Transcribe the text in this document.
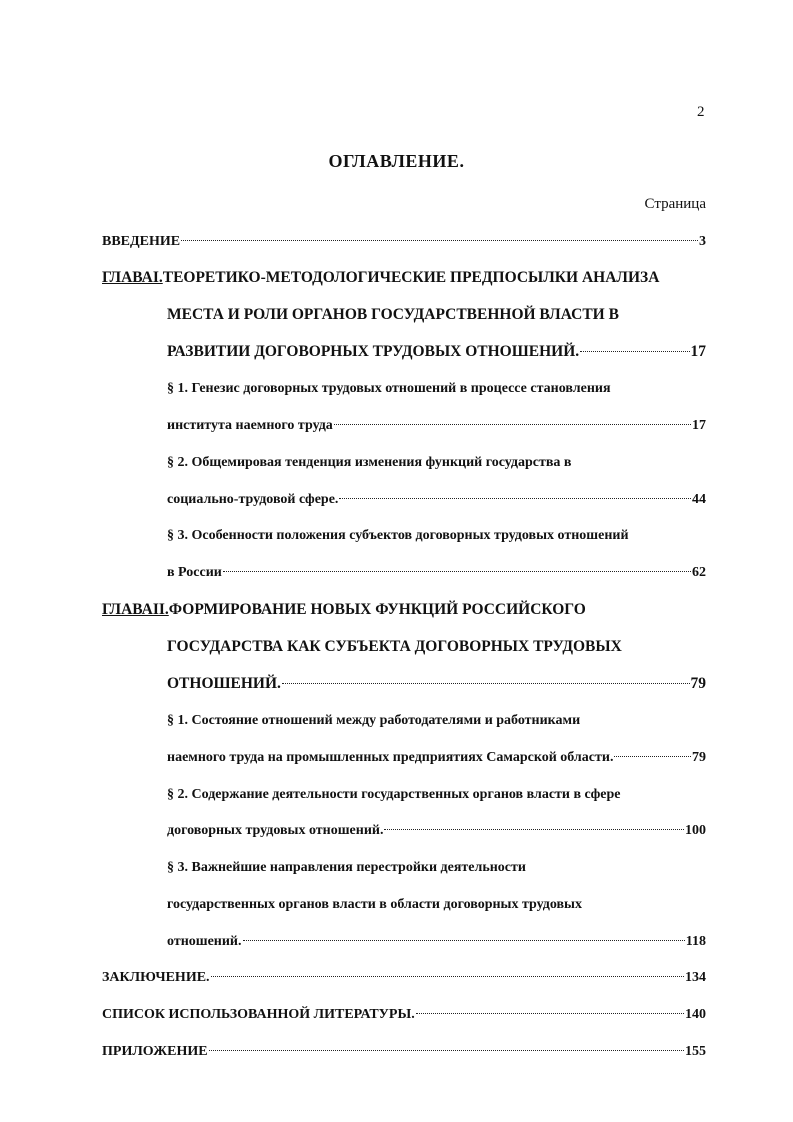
2
ОГЛАВЛЕНИЕ.
Страница
ВВЕДЕНИЕ	3
ГЛАВАI. ТЕОРЕТИКО-МЕТОДОЛОГИЧЕСКИЕ ПРЕДПОСЫЛКИ АНАЛИЗА
МЕСТА И РОЛИ ОРГАНОВ ГОСУДАРСТВЕННОЙ ВЛАСТИ В
РАЗВИТИИ ДОГОВОРНЫХ ТРУДОВЫХ ОТНОШЕНИЙ.	17
§ 1. Генезис договорных трудовых отношений в процессе становления
института наемного труда	17
§ 2. Общемировая тенденция изменения функций государства в
социально-трудовой сфере.	44
§ 3. Особенности положения субъектов договорных трудовых отношений
в России	62
ГЛАВАII. ФОРМИРОВАНИЕ НОВЫХ ФУНКЦИЙ РОССИЙСКОГО
ГОСУДАРСТВА КАК СУБЪЕКТА ДОГОВОРНЫХ ТРУДОВЫХ
ОТНОШЕНИЙ.	79
§ 1. Состояние отношений между работодателями и работниками
наемного труда на промышленных предприятиях Самарской области.	79
§ 2. Содержание деятельности государственных органов власти в сфере
договорных трудовых отношений.	100
§ 3. Важнейшие направления перестройки деятельности
государственных органов власти в области договорных трудовых
отношений.	118
ЗАКЛЮЧЕНИЕ.	134
СПИСОК ИСПОЛЬЗОВАННОЙ ЛИТЕРАТУРЫ.	140
ПРИЛОЖЕНИЕ	155
